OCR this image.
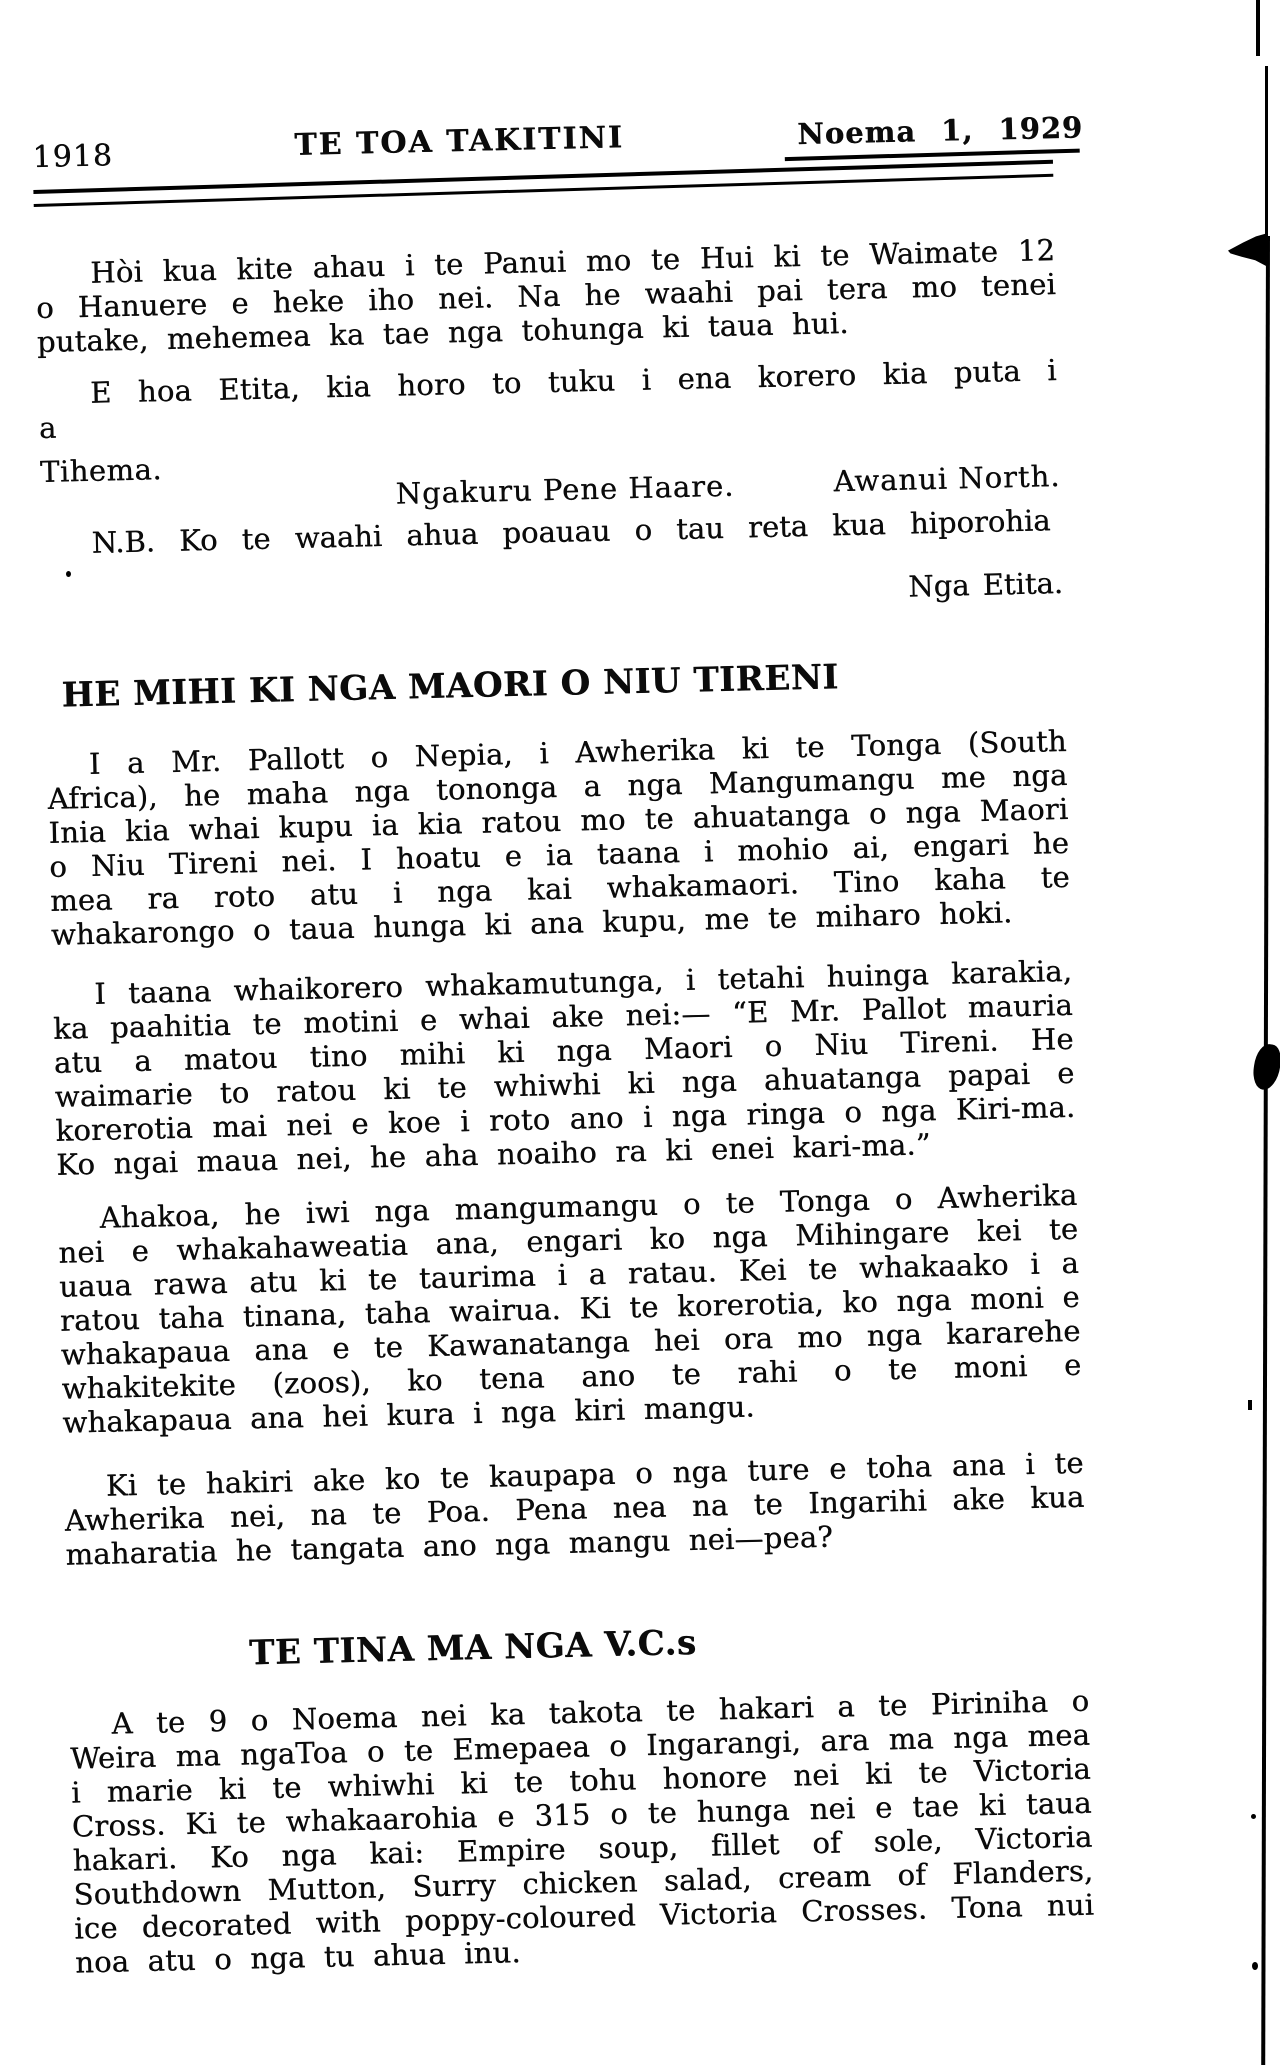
1918	TE TOA TAKITINI	Noema 1, 1929

Hòi kua kite ahau i te Panui mo te Hui ki te Waimate 12 o Hanuere e heke iho nei. Na he waahi pai tera mo tenei putake, mehemea ka tae nga tohunga ki taua hui.

E hoa Etita, kia horo to tuku i ena korero kia puta i a

Tihema.	Ngakuru Pene Haare.	Awanui North.

N.B. Ko te waahi ahua poauau o tau reta kua hiporohia

Nga Etita.

HE MIHI KI NGA MAORI O NIU TIRENI

I a Mr. Pallott o Nepia, i Awherika ki te Tonga (South Africa), he maha nga tononga a nga Mangumangu me nga Inia kia whai kupu ia kia ratou mo te ahuatanga o nga Maori o Niu Tireni nei. I hoatu e ia taana i mohio ai, engari he mea ra roto atu i nga kai whakamaori. Tino kaha te whakarongo o taua hunga ki ana kupu, me te miharo hoki.

I taana whaikorero whakamutunga, i tetahi huinga karakia, ka paahitia te motini e whai ake nei:— “E Mr. Pallot mauria atu a matou tino mihi ki nga Maori o Niu Tireni. He waimarie to ratou ki te whiwhi ki nga ahuatanga papai e korerotia mai nei e koe i roto ano i nga ringa o nga Kiri-ma. Ko ngai maua nei, he aha noaiho ra ki enei kari-ma.”

Ahakoa, he iwi nga mangumangu o te Tonga o Awherika nei e whakahaweatia ana, engari ko nga Mihingare kei te uaua rawa atu ki te taurima i a ratau. Kei te whakaako i a ratou taha tinana, taha wairua. Ki te korerotia, ko nga moni e whakapaua ana e te Kawanatanga hei ora mo nga kararehe whakitekite (zoos), ko tena ano te rahi o te moni e whakapaua ana hei kura i nga kiri mangu.

Ki te hakiri ake ko te kaupapa o nga ture e toha ana i te Awherika nei, na te Poa. Pena nea na te Ingarihi ake kua maharatia he tangata ano nga mangu nei—pea?

TE TINA MA NGA V.C.s

A te 9 o Noema nei ka takota te hakari a te Piriniha o Weira ma ngaToa o te Emepaea o Ingarangi, ara ma nga mea i marie ki te whiwhi ki te tohu honore nei ki te Victoria Cross. Ki te whakaarohia e 315 o te hunga nei e tae ki taua hakari. Ko nga kai: Empire soup, fillet of sole, Victoria Southdown Mutton, Surry chicken salad, cream of Flanders, ice decorated with poppy-coloured Victoria Crosses. Tona nui noa atu o nga tu ahua inu.
